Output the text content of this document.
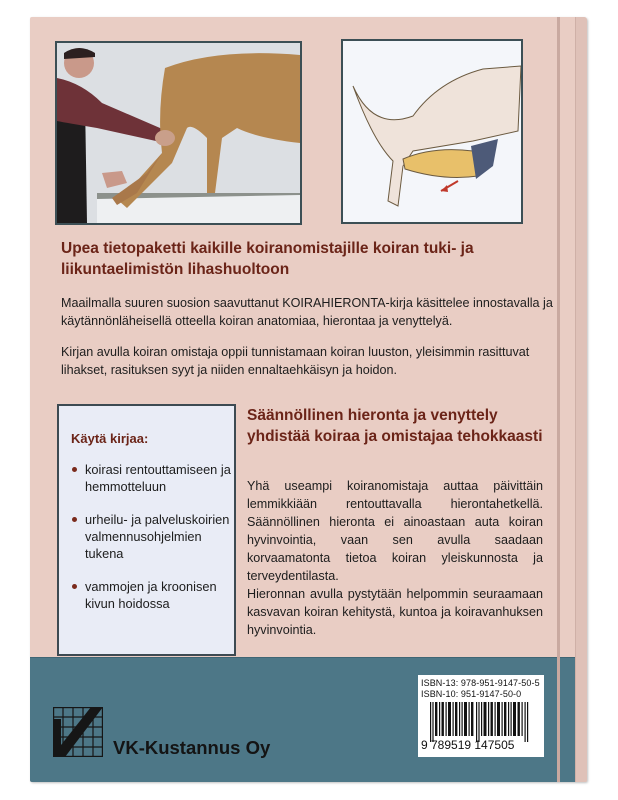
Upea tietopaketti kaikille koiranomistajille koiran tuki- ja liikuntaelimistön lihashuoltoon
Maailmalla suuren suosion saavuttanut KOIRAHIERONTA-kirja käsittelee innostavalla ja käytännönläheisellä otteella koiran anatomiaa, hierontaa ja venyttelyä.
Kirjan avulla koiran omistaja oppii tunnistamaan koiran luuston, yleisimmin rasittuvat lihakset, rasituksen syyt ja niiden ennaltaehkäisyn ja hoidon.
Käytä kirjaa:
koirasi rentouttamiseen ja hemmotteluun
urheilu- ja palveluskoirien valmennusohjelmien tukena
vammojen ja kroonisen kivun hoidossa
Säännöllinen hieronta ja venyttely yhdistää koiraa ja omistajaa tehokkaasti
Yhä useampi koiranomistaja auttaa päivittäin lemmikkiään rentouttavalla hierontahetkellä. Säännöllinen hieronta ei ainoastaan auta koiran hyvinvointia, vaan sen avulla saadaan korvaamatonta tietoa koiran yleiskunnosta ja terveydentilasta.
Hieronnan avulla pystytään helpommin seuraamaan kasvavan koiran kehitystä, kuntoa ja koiravanhuksen hyvinvointia.
VK-Kustannus Oy
ISBN-13: 978-951-9147-50-5
ISBN-10: 951-9147-50-0
9 789519 147505
